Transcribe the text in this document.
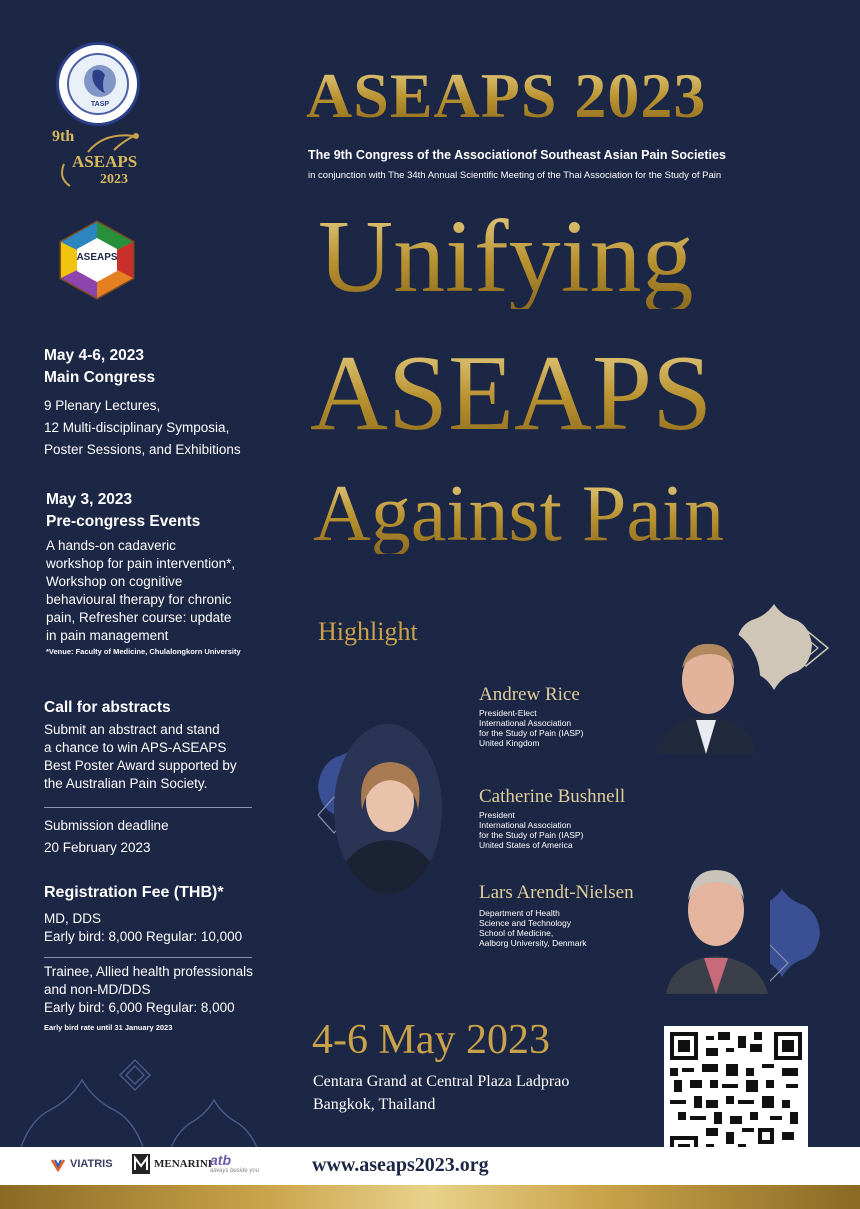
TASP
9th
ASEAPS
2023
ASEAPS
ASEAPS 2023
The 9th Congress of the Associationof Southeast Asian Pain Societies
in conjunction with The 34th Annual Scientific Meeting of the Thai Association for the Study of Pain
Unifying
ASEAPS
Against Pain
May 4-6, 2023
Main Congress
9 Plenary Lectures,
12 Multi-disciplinary Symposia,
Poster Sessions, and Exhibitions
May 3, 2023
Pre-congress Events
A hands-on cadaveric
workshop for pain intervention*,
Workshop on cognitive
behavioural therapy for chronic
pain, Refresher course: update
in pain management
*Venue: Faculty of Medicine, Chulalongkorn University
Call for abstracts
Submit an abstract and stand
a chance to win APS-ASEAPS
Best Poster Award supported by
the Australian Pain Society.
Submission deadline
20 February 2023
Registration Fee (THB)*
MD, DDS
Early bird: 8,000 Regular: 10,000
Trainee, Allied health professionals
and non-MD/DDS
Early bird: 6,000 Regular: 8,000
Early bird rate until 31 January 2023
Highlight
Andrew Rice
President-Elect
International Association
for the Study of Pain (IASP)
United Kingdom
Catherine Bushnell
President
International Association
for the Study of Pain (IASP)
United States of America
Lars Arendt-Nielsen
Department of Health
Science and Technology
School of Medicine,
Aalborg University, Denmark
4-6 May 2023
Centara Grand at Central Plaza Ladprao
Bangkok, Thailand
VIATRIS	MENARINI
atb
always beside you	www.aseaps2023.org
